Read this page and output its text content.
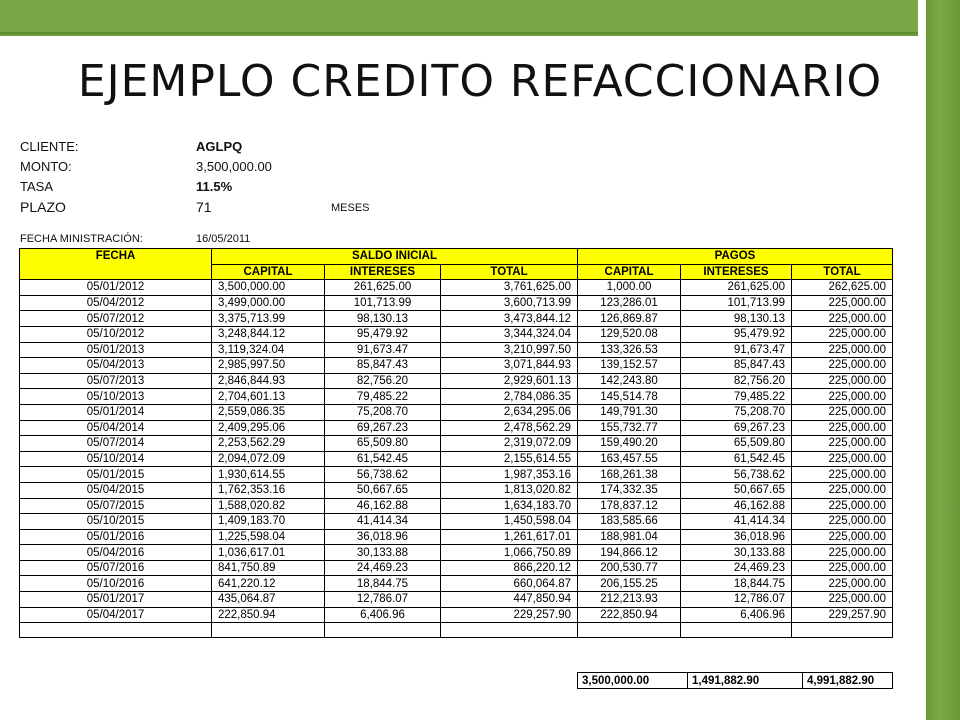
EJEMPLO CREDITO REFACCIONARIO
CLIENTE:	AGLPQ
MONTO:	3,500,000.00
TASA	11.5%
PLAZO	71	MESES
FECHA MINISTRACIÓN:	16/05/2011
FECHA	SALDO INICIAL			PAGOS		
	CAPITAL	INTERESES	TOTAL	CAPITAL	INTERESES	TOTAL
05/01/2012	3,500,000.00	261,625.00	3,761,625.00	1,000.00	261,625.00	262,625.00
05/04/2012	3,499,000.00	101,713.99	3,600,713.99	123,286.01	101,713.99	225,000.00
05/07/2012	3,375,713.99	98,130.13	3,473,844.12	126,869.87	98,130.13	225,000.00
05/10/2012	3,248,844.12	95,479.92	3,344,324.04	129,520.08	95,479.92	225,000.00
05/01/2013	3,119,324.04	91,673.47	3,210,997.50	133,326.53	91,673.47	225,000.00
05/04/2013	2,985,997.50	85,847.43	3,071,844.93	139,152.57	85,847.43	225,000.00
05/07/2013	2,846,844.93	82,756.20	2,929,601.13	142,243.80	82,756.20	225,000.00
05/10/2013	2,704,601.13	79,485.22	2,784,086.35	145,514.78	79,485.22	225,000.00
05/01/2014	2,559,086.35	75,208.70	2,634,295.06	149,791.30	75,208.70	225,000.00
05/04/2014	2,409,295.06	69,267.23	2,478,562.29	155,732.77	69,267.23	225,000.00
05/07/2014	2,253,562.29	65,509.80	2,319,072.09	159,490.20	65,509.80	225,000.00
05/10/2014	2,094,072.09	61,542.45	2,155,614.55	163,457.55	61,542.45	225,000.00
05/01/2015	1,930,614.55	56,738.62	1,987,353.16	168,261.38	56,738.62	225,000.00
05/04/2015	1,762,353.16	50,667.65	1,813,020.82	174,332.35	50,667.65	225,000.00
05/07/2015	1,588,020.82	46,162.88	1,634,183.70	178,837.12	46,162.88	225,000.00
05/10/2015	1,409,183.70	41,414.34	1,450,598.04	183,585.66	41,414.34	225,000.00
05/01/2016	1,225,598.04	36,018.96	1,261,617.01	188,981.04	36,018.96	225,000.00
05/04/2016	1,036,617.01	30,133.88	1,066,750.89	194,866.12	30,133.88	225,000.00
05/07/2016	841,750.89	24,469.23	866,220.12	200,530.77	24,469.23	225,000.00
05/10/2016	641,220.12	18,844.75	660,064.87	206,155.25	18,844.75	225,000.00
05/01/2017	435,064.87	12,786.07	447,850.94	212,213.93	12,786.07	225,000.00
05/04/2017	222,850.94	6,406.96	229,257.90	222,850.94	6,406.96	229,257.90

3,500,000.00	1,491,882.90	4,991,882.90
